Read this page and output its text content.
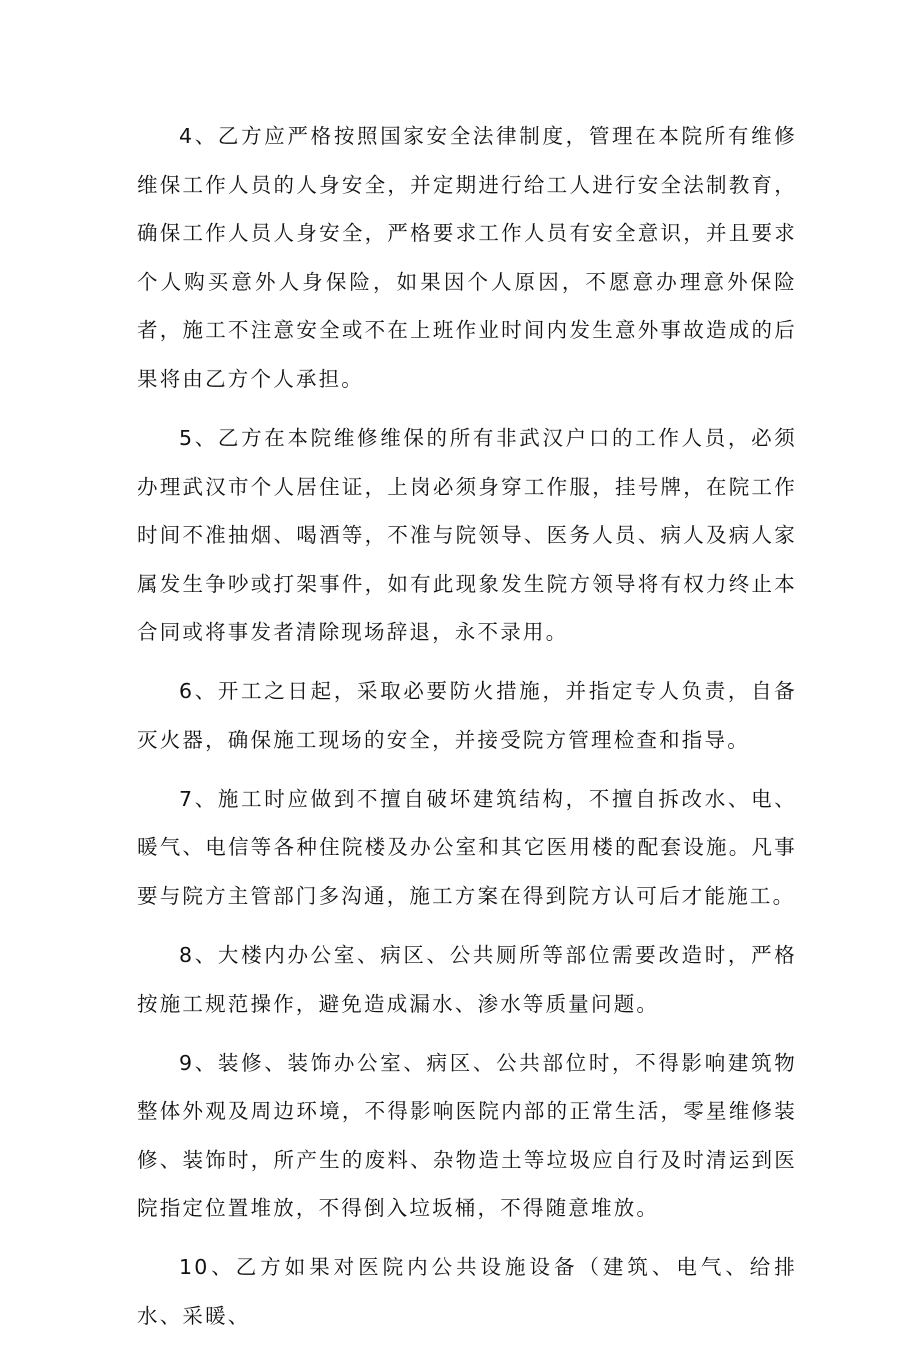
4、乙方应严格按照国家安全法律制度，管理在本院所有维修维保工作人员的人身安全，并定期进行给工人进行安全法制教育，确保工作人员人身安全，严格要求工作人员有安全意识，并且要求个人购买意外人身保险，如果因个人原因，不愿意办理意外保险者，施工不注意安全或不在上班作业时间内发生意外事故造成的后果将由乙方个人承担。

5、乙方在本院维修维保的所有非武汉户口的工作人员，必须办理武汉市个人居住证，上岗必须身穿工作服，挂号牌，在院工作时间不准抽烟、喝酒等，不准与院领导、医务人员、病人及病人家属发生争吵或打架事件，如有此现象发生院方领导将有权力终止本合同或将事发者清除现场辞退，永不录用。

6、开工之日起，采取必要防火措施，并指定专人负责，自备灭火器，确保施工现场的安全，并接受院方管理检查和指导。

7、施工时应做到不擅自破坏建筑结构，不擅自拆改水、电、暖气、电信等各种住院楼及办公室和其它医用楼的配套设施。凡事要与院方主管部门多沟通，施工方案在得到院方认可后才能施工。

8、大楼内办公室、病区、公共厕所等部位需要改造时，严格按施工规范操作，避免造成漏水、渗水等质量问题。

9、装修、装饰办公室、病区、公共部位时，不得影响建筑物整体外观及周边环境，不得影响医院内部的正常生活，零星维修装修、装饰时，所产生的废料、杂物造土等垃圾应自行及时清运到医院指定位置堆放，不得倒入垃坂桶，不得随意堆放。

10、乙方如果对医院内公共设施设备（建筑、电气、给排水、采暖、
